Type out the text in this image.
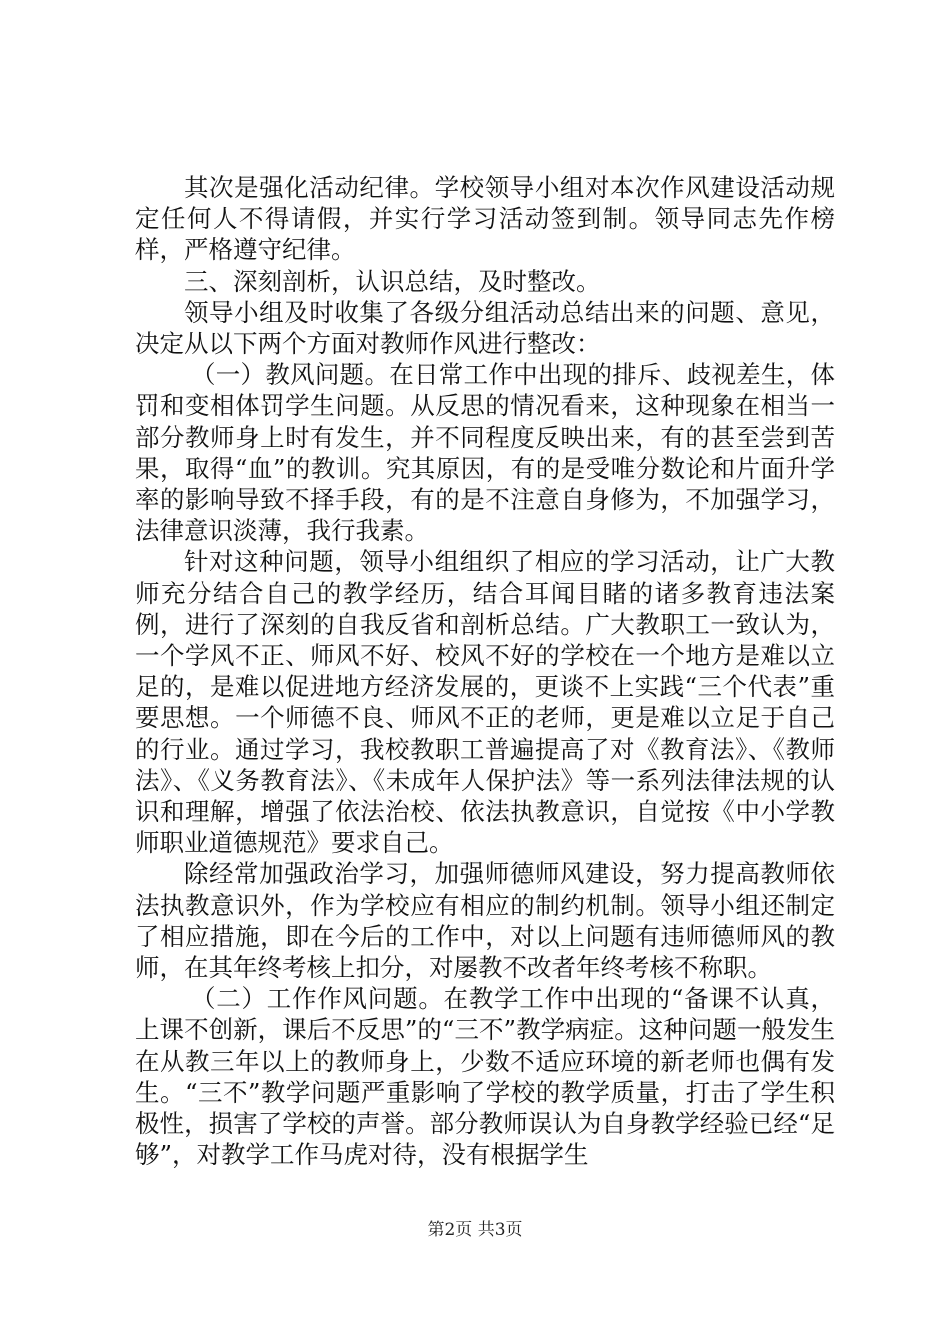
其次是强化活动纪律。学校领导小组对本次作风建设活动规定任何人不得请假，并实行学习活动签到制。领导同志先作榜样，严格遵守纪律。

三、深刻剖析，认识总结，及时整改。

领导小组及时收集了各级分组活动总结出来的问题、意见，决定从以下两个方面对教师作风进行整改：

（一）教风问题。在日常工作中出现的排斥、歧视差生，体罚和变相体罚学生问题。从反思的情况看来，这种现象在相当一部分教师身上时有发生，并不同程度反映出来，有的甚至尝到苦果，取得“血”的教训。究其原因，有的是受唯分数论和片面升学率的影响导致不择手段，有的是不注意自身修为，不加强学习，法律意识淡薄，我行我素。

针对这种问题，领导小组组织了相应的学习活动，让广大教师充分结合自己的教学经历，结合耳闻目睹的诸多教育违法案例，进行了深刻的自我反省和剖析总结。广大教职工一致认为，一个学风不正、师风不好、校风不好的学校在一个地方是难以立足的，是难以促进地方经济发展的，更谈不上实践“三个代表”重要思想。一个师德不良、师风不正的老师，更是难以立足于自己的行业。通过学习，我校教职工普遍提高了对《教育法》、《教师法》、《义务教育法》、《未成年人保护法》等一系列法律法规的认识和理解，增强了依法治校、依法执教意识，自觉按《中小学教师职业道德规范》要求自己。

除经常加强政治学习，加强师德师风建设，努力提高教师依法执教意识外，作为学校应有相应的制约机制。领导小组还制定了相应措施，即在今后的工作中，对以上问题有违师德师风的教师，在其年终考核上扣分，对屡教不改者年终考核不称职。

（二）工作作风问题。在教学工作中出现的“备课不认真，上课不创新，课后不反思”的“三不”教学病症。这种问题一般发生在从教三年以上的教师身上，少数不适应环境的新老师也偶有发生。“三不”教学问题严重影响了学校的教学质量，打击了学生积极性，损害了学校的声誉。部分教师误认为自身教学经验已经“足够”，对教学工作马虎对待，没有根据学生

第2页 共3页
